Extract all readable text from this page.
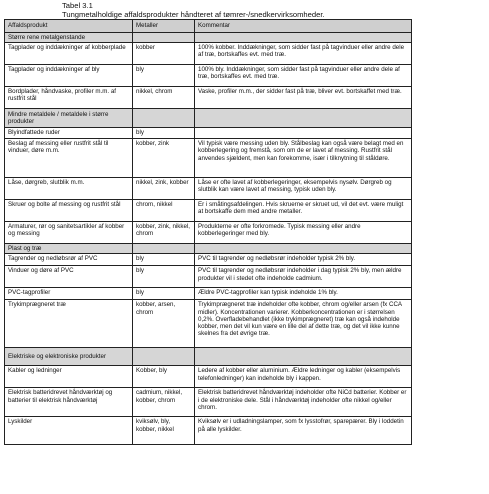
Tabel 3.1
Tungmetalholdige affaldsprodukter håndteret af tømrer-/snedkervirksomheder.
Affaldsprodukt	Metaller	Kommentar
Større rene metalgenstande		
Tagplader og inddækninger af kobberplade	kobber	100% kobber. Inddækninger, som sidder fast på tagvinduer eller andre dele af træ, bortskaffes evt. med træ.
Tagplader og inddækninger af bly	bly	100% bly. Inddækninger, som sidder fast på tagvinduer eller andre dele af træ, bortskaffes evt. med træ.
Bordplader, håndvaske, profiler m.m. af rustfrit stål	nikkel, chrom	Vaske, profiler m.m., der sidder fast på træ, bliver evt. bortskaffet med træ.
Mindre metaldele / metaldele i større produkter		
Blyindfattede ruder	bly	
Beslag af messing eller rustfrit stål til vinduer, døre m.m.	kobber, zink	Vil typisk være messing uden bly. Stålbeslag kan også være belagt med en kobberlegering og fremstå, som om de er lavet af messing. Rustfrit stål anvendes sjældent, men kan forekomme, især i tilknytning til ståldøre.
Låse, dørgreb, slutblik m.m.	nikkel, zink, kobber	Låse er ofte lavet af kobberlegeringer, eksempelvis nysølv. Dørgreb og slutblik kan være lavet af messing, typisk uden bly.
Skruer og bolte af messing og rustfrit stål	chrom, nikkel	Er i småtingsafdelingen. Hvis skruerne er skruet ud, vil det evt. være muligt at bortskaffe dem med andre metaller.
Armaturer, rør og sanitetsartikler af kobber og messing	kobber, zink, nikkel, chrom	Produkterne er ofte forkromede. Typisk messing eller andre kobberlegeringer med bly.
Plast og træ		
Tagrender og nedløbsrør af PVC	bly	PVC til tagrender og nedløbsrør indeholder typisk 2% bly.
Vinduer og døre af PVC	bly	PVC til tagrender og nedløbsrør indeholder i dag typisk 2% bly, men ældre produkter vil i stedet ofte indeholde cadmium.
PVC-tagprofiler	bly	Ældre PVC-tagprofiler kan typisk indeholde 1% bly.
Trykimprægneret træ	kobber, arsen, chrom	Trykimprægneret træ indeholder ofte kobber, chrom og/eller arsen (fx CCA midler). Koncentrationen varierer. Kobberkoncentrationen er i størrelsen 0,2%. Overfladebehandlet (ikke trykimprægneret) træ kan også indeholde kobber, men det vil kun være en lille del af dette træ, og det vil ikke kunne skelnes fra det øvrige træ.
Elektriske og elektroniske produkter		
Kabler og ledninger	Kobber, bly	Ledere af kobber eller aluminium. Ældre ledninger og kabler (eksempelvis telefonledninger) kan indeholde bly i kappen.
Elektrisk batteridrevet håndværktøj og batterier til elektrisk håndværktøj	cadmium, nikkel, kobber, chrom	Elektrisk batteridrevet håndværktøj indeholder ofte NiCd batterier. Kobber er i de elektroniske dele. Stål i håndværktøj indeholder ofte nikkel og/eller chrom.
Lyskilder	kviksølv, bly, kobber, nikkel	Kviksølv er i udladningslamper, som fx lysstofrør, sparepærer. Bly i loddetin på alle lyskilder.
